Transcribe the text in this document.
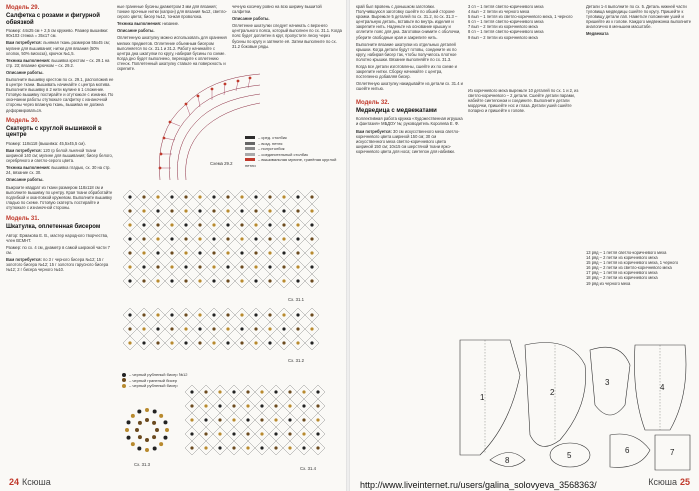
Модель 29.
Салфетка с розами и фигурной обвязкой

Размер: 44х25 см + 2,5 см кружево. Размер вышивки: 90х103 стежка = 35х17 см.

Вам потребуется: льняная ткань размером 55х45 см; мулине для вышивания; нитки для вязания (50% хлопок, 50% вискоза), крючок №1,5.

Техника выполнения: вышивка крестом – сх. 29.1 на стр. 23; вязание крючком – сх. 29.2.

Описание работы.

Выполните вышивку крестом по сх. 29.1, расположив ее в центре ткани. Вышивать начинайте с центра мотива. Выполните вышивку в 2 нити мулине в 1 сложение. Готовую вышивку постирайте и отутюжьте с изнанки. По окончании работы отутюжьте салфетку с изнаночной стороны через влажную ткань, вышивка не должна деформироваться.

Модель 30.
Скатерть с круглой вышивкой в центре

Размер: 118х118 (вышивка: 45,5х45,5 см).

Вам потребуется: 120 гр белой льняной ткани шириной 140 см; мулине для вышивания; бисер белого, серебряного и светло-серого цвета.

Техника выполнения: вышивка гладью, сх. 30 на стр. 24, вязание сх. 30.

Описание работы.

Выкроите квадрат из ткани размером 118х118 см и выполните вышивку по центру. Края ткани обработайте подгибкой и окантовкой кружевом. Выполните вышивку гладью по схеме. Готовую скатерть постирайте и отутюжьте с изнаночной стороны.

Модель 31.
Шкатулка, оплетенная бисером

Автор: Ермакова Е. В., мастер народного творчества, член ВСМНТ.

Размер: по сх. 4 см, диаметр в самой широкой части 7 см.

Вам потребуется: по 3 г черного бисера №12; 15 г золотого бисера №12; 15 г золотого гарусного бисера №12; 2 г бисера черного №10.

ные граненые бусины диаметром 3 мм для вязания; тонкие прочные нитки (капрон) для вязания №12, светло-серого цвета; бисер №12, тонкая проволока.

Техника выполнения: низание.

Описание работы.

Оплетенную шкатулку можно использовать для хранения мелких предметов. Оплетение объемным бисером выполняется по сх. 31.1 и 31.2. Работу начинайте с центра дна шкатулки по кругу, набирая бусины по схеме. Когда дно будет выполнено, переходите к оплетению стенок. Поплетенный шкатулку ставьте на поверхность и скрепите.

чечную косичку ровно на всю ширину вышитой салфетки.

Описание работы.

Оплетение шкатулки следует начинать с верхнего центрального пояса, который выполнен по сх. 31.1. Когда пояс будет доплетен в круг, пропустите леску через бусины по кругу и затяните её. Затем выполните по сх. 31.2 боковые ряды.

Схема 29.2
– сред. столбик
– возд. петля
– полустолбик
– соединительный столбик
– вышивальная мулине, гранёная круглой петли
Сх. 31.1
Сх. 31.2
– черный рубленый бисер №12
– черный граненый бисер
– черный рубленый бисер
Сх. 31.3
Сх. 31.4
24 Ксюша

край был вровень с донышком заготовки. Получившуюся заготовку сшейте по обшей стороне кромки. Вырежьте 5 деталей по сх. 31.2, по сх. 31.3 – центральную деталь, вставьте во внутрь изделия и закрепите нить. Наденьте на основание крышку и оплетите пояс для дна. Заготовки снимите с оболочки, уберите свободные края и закрепите нить.

Выполните вязание шкатулки из отдельных деталей крышки. Когда детали будут готовы, соедините их по кругу, набирая бисер так, чтобы получилось плотное полотно крышки. Вязание выполняйте по сх. 31.3.

Когда все детали изготовлены, сшейте их по схеме и закрепите нитки. Сборку начинайте с центра, постепенно добавляя бисер.

Оплетённую шкатулку накидывайте из детали сх. 31.4 и сшейте нитью.

Модель 32.
Медведица с медвежатами

Коллективная работа кружка «Художественная игрушка и фантазия» МБДОУ №; руководитель Королева Е. Ф.

Вам потребуется: 30 см искусственного меха светло-коричневого цвета шириной 150 см; 30 см искусственного меха светло-коричневого цвета шириной 150 см; 10х15 см шерстяной ткани ярко-коричневого цвета для носа; синтепон для набивки.

3 сп – 1 петля светло-коричневого меха
4 вып – 2 петли из черного меха
5 вып – 1 петля из светло-коричневого меха, 1 черного
6 сп – 1 петля светло-коричневого меха
7 вып – 2 петли из коричневого меха
8 сп – 1 петля светло-коричневого меха
9 вып – 2 петли из коричневого меха

Из коричневого меха вырежьте 10 деталей по сх. 1 и 2, из светло-коричневого – 2 детали. Сшейте детали парами, набейте синтепоном и соедините. Выполните детали мордочки, пришейте нос и глаза. Детали ушей сшейте попарно и пришейте к голове.

Детали 1-4 выполните по сх. 5. Деталь нижней части туловища медведицы сшейте по кругу. Пришейте к туловищу детали лап. Наметьте положение ушей и пришейте их к голове. Каждого медвежонка выполните аналогично в меньшем масштабе.

Медвежата

13 ряд – 1 петля светло-коричневого меха
14 ряд – 2 петли из коричневого меха
15 ряд – 1 петля из коричневого меха, 1 черного
16 ряд – 2 петли из светло-коричневого меха
17 ряд – 1 петля из коричневого меха
18 ряд – 2 петли из коричневого меха
19 ряд из черного меха
1
2
3
4
5
6	7
8
Ксюша 25
http://www.liveinternet.ru/users/galina_solovyeva_3568363/
